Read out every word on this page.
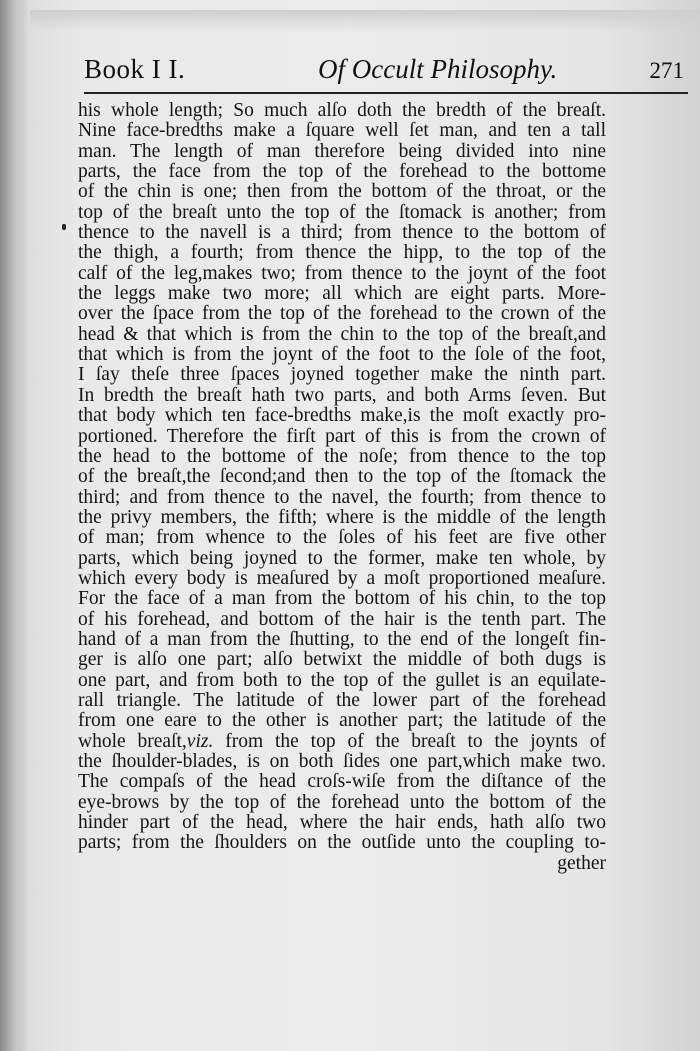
Book I I.	Of Occult Philosophy.	271
his whole length; So much alſo doth the bredth of the breaſt.
Nine face-bredths make a ſquare well ſet man, and ten a tall
man. The length of man therefore being divided into nine
parts, the face from the top of the forehead to the bottome
of the chin is one; then from the bottom of the throat, or the
top of the breaſt unto the top of the ſtomack is another; from
thence to the navell is a third; from thence to the bottom of
the thigh, a fourth; from thence the hipp, to the top of the
calf of the leg,makes two; from thence to the joynt of the foot
the leggs make two more; all which are eight parts. More-
over the ſpace from the top of the forehead to the crown of the
head & that which is from the chin to the top of the breaſt,and
that which is from the joynt of the foot to the ſole of the foot,
I ſay theſe three ſpaces joyned together make the ninth part.
In bredth the breaſt hath two parts, and both Arms ſeven. But
that body which ten face-bredths make,is the moſt exactly pro-
portioned. Therefore the firſt part of this is from the crown of
the head to the bottome of the noſe; from thence to the top
of the breaſt,the ſecond;and then to the top of the ſtomack the
third; and from thence to the navel, the fourth; from thence to
the privy members, the fifth; where is the middle of the length
of man; from whence to the ſoles of his feet are five other
parts, which being joyned to the former, make ten whole, by
which every body is meaſured by a moſt proportioned meaſure.
For the face of a man from the bottom of his chin, to the top
of his forehead, and bottom of the hair is the tenth part. The
hand of a man from the ſhutting, to the end of the longeſt fin-
ger is alſo one part; alſo betwixt the middle of both dugs is
one part, and from both to the top of the gullet is an equilate-
rall triangle. The latitude of the lower part of the forehead
from one eare to the other is another part; the latitude of the
whole breaſt,viz. from the top of the breaſt to the joynts of
the ſhoulder-blades, is on both ſides one part,which make two.
The compaſs of the head croſs-wiſe from the diſtance of the
eye-brows by the top of the forehead unto the bottom of the
hinder part of the head, where the hair ends, hath alſo two
parts; from the ſhoulders on the outſide unto the coupling to-
gether
